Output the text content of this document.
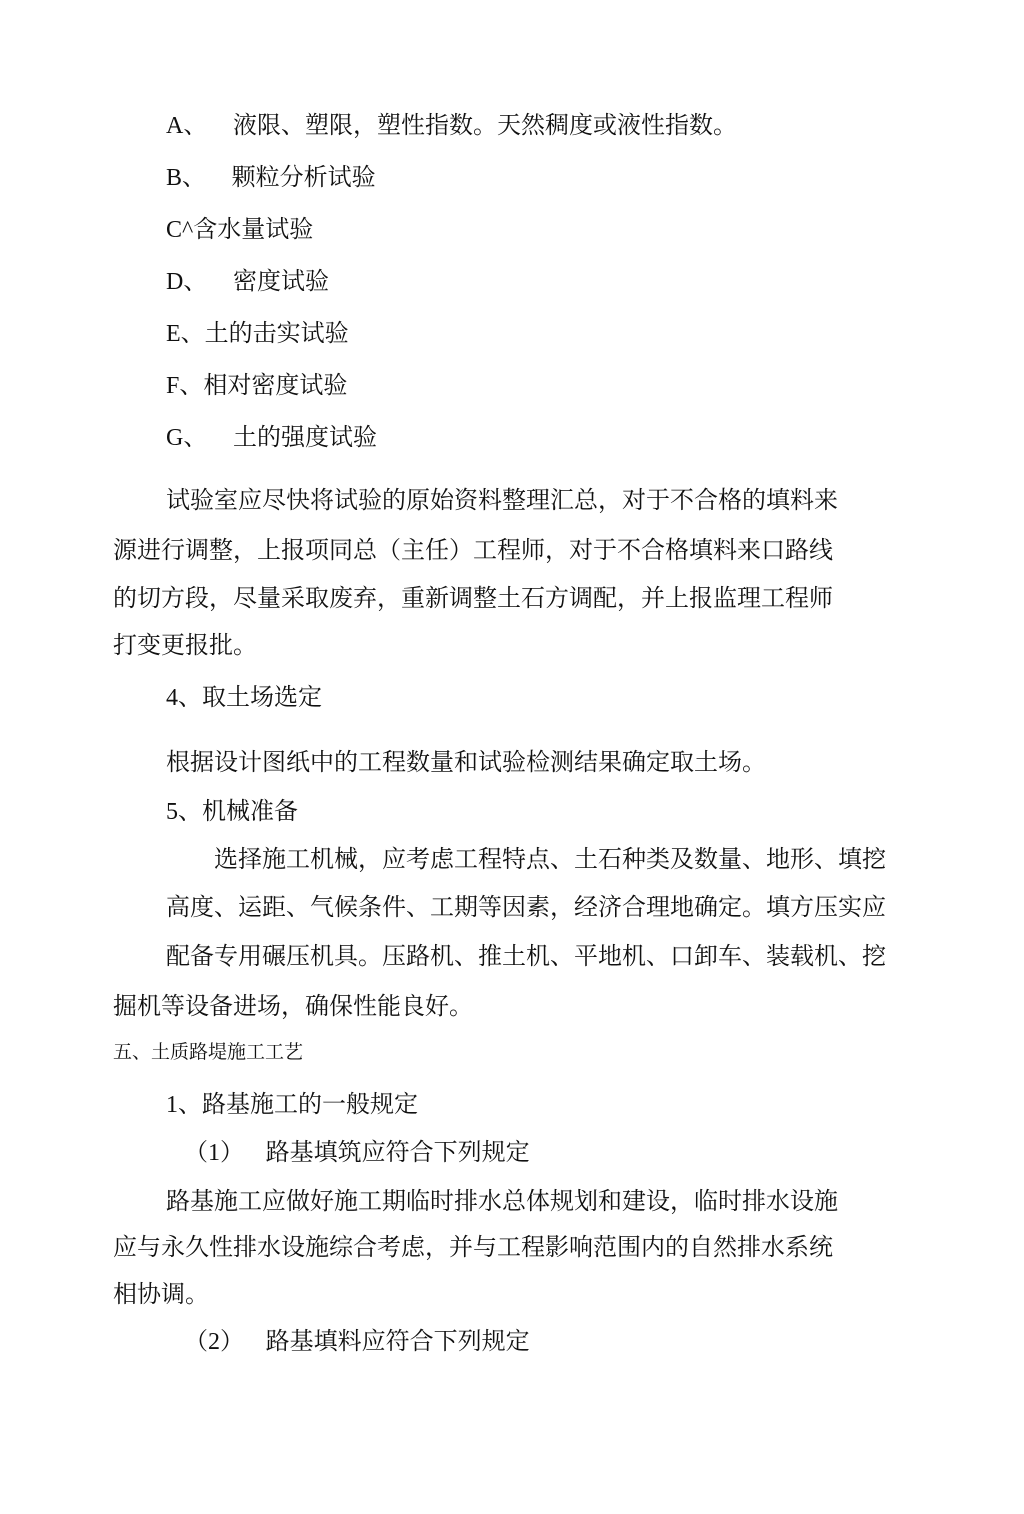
A、 液限、塑限，塑性指数。天然稠度或液性指数。
B、 颗粒分析试验
C^含水量试验
D、 密度试验
E、土的击实试验
F、相对密度试验
G、 土的强度试验
试验室应尽快将试验的原始资料整理汇总，对于不合格的填料来
源进行调整，上报项同总（主任）工程师，对于不合格填料来口路线
的切方段，尽量采取废弃，重新调整土石方调配，并上报监理工程师
打变更报批。
4、取土场选定
根据设计图纸中的工程数量和试验检测结果确定取土场。
5、机械准备
选择施工机械，应考虑工程特点、土石种类及数量、地形、填挖
高度、运距、气候条件、工期等因素，经济合理地确定。填方压实应
配备专用碾压机具。压路机、推土机、平地机、口卸车、装载机、挖
掘机等设备进场，确保性能良好。
五、土质路堤施工工艺
1、路基施工的一般规定
（1） 路基填筑应符合下列规定
路基施工应做好施工期临时排水总体规划和建设，临时排水设施
应与永久性排水设施综合考虑，并与工程影响范围内的自然排水系统
相协调。
（2） 路基填料应符合下列规定
